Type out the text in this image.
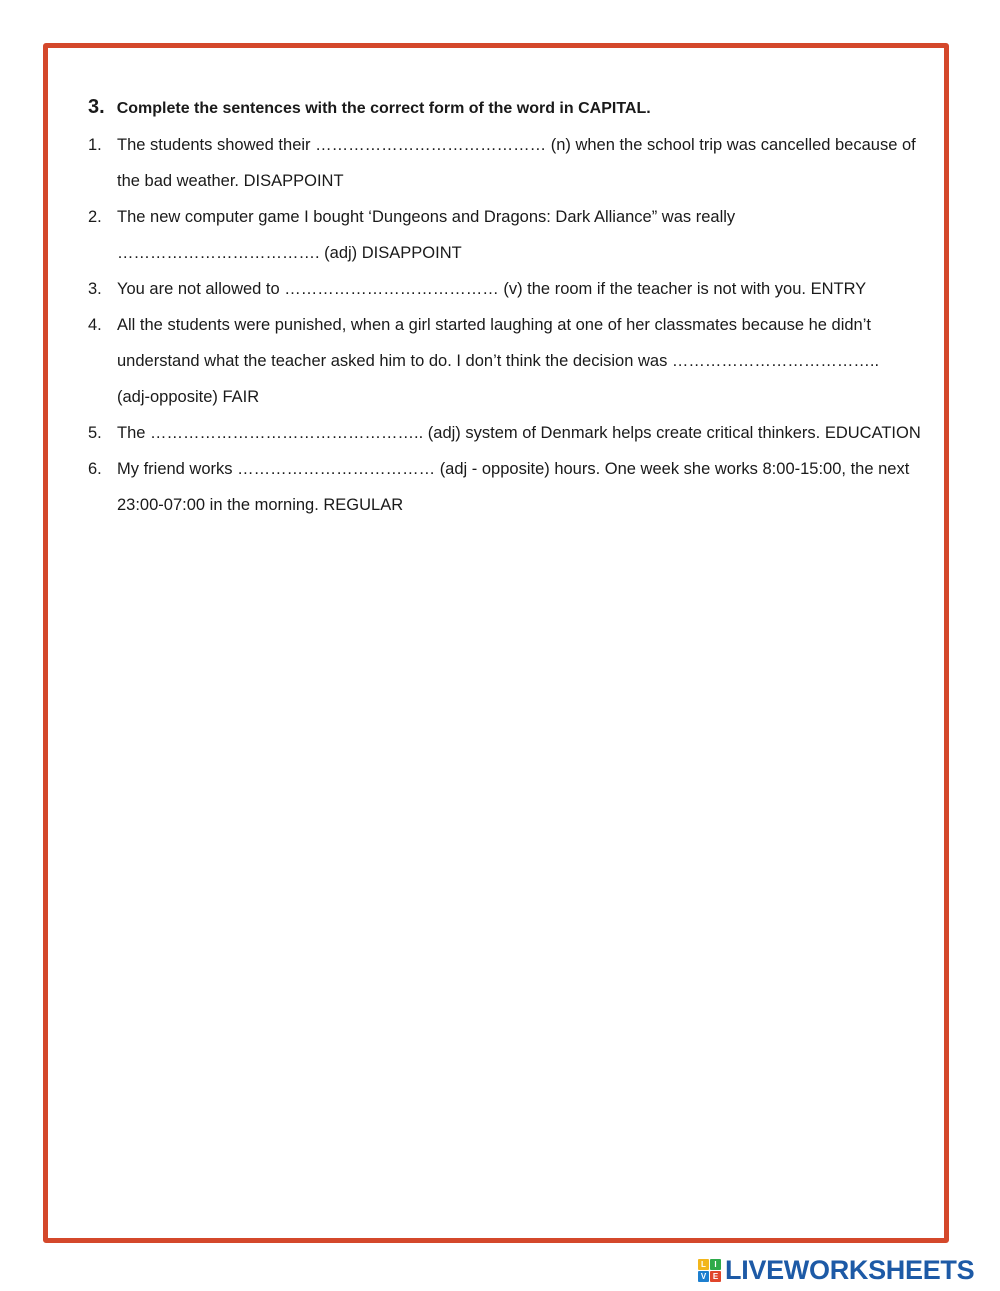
3. Complete the sentences with the correct form of the word in CAPITAL.
1. The students showed their …………………………………… (n) when the school trip was cancelled because of
the bad weather. DISAPPOINT
2. The new computer game I bought ‘Dungeons and Dragons: Dark Alliance” was really
………………………………. (adj) DISAPPOINT
3. You are not allowed to ………………………………… (v) the room if the teacher is not with you. ENTRY
4. All the students were punished, when a girl started laughing at one of her classmates because he didn’t
understand what the teacher asked him to do. I don’t think the decision was ………………………………..
(adj-opposite) FAIR
5. The ………………………………………….. (adj) system of Denmark helps create critical thinkers. EDUCATION
6. My friend works ……………………………… (adj - opposite) hours. One week she works 8:00-15:00, the next
23:00-07:00 in the morning. REGULAR
L	I
V E LIVEWORKSHEETS
